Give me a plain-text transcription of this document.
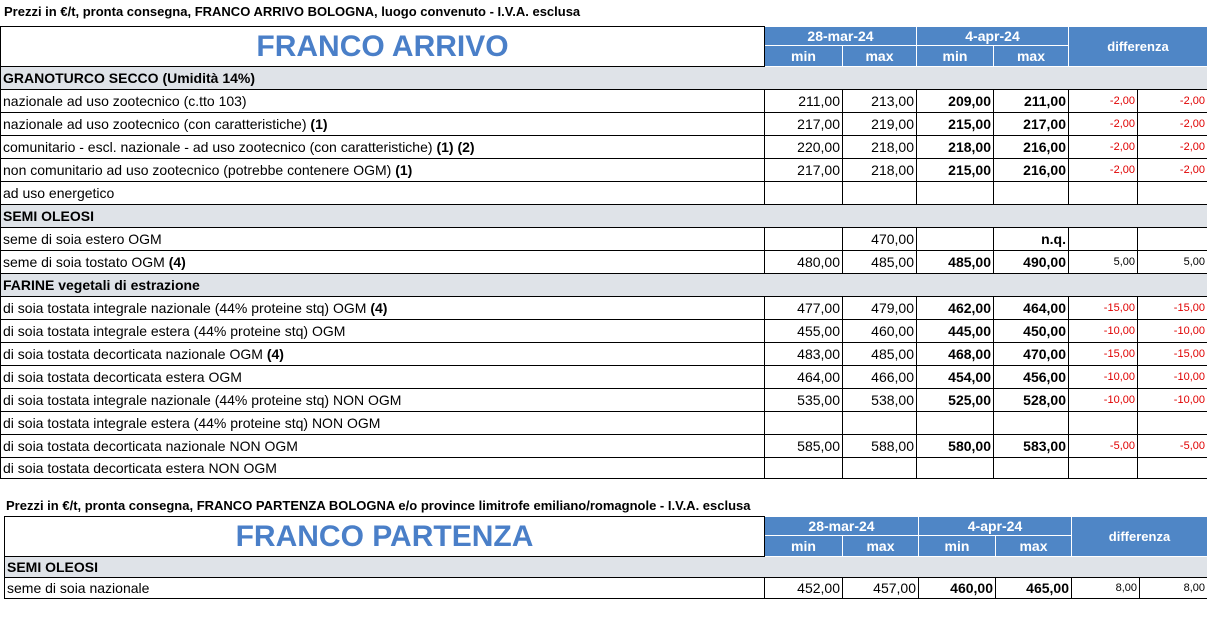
Prezzi in €/t, pronta consegna, FRANCO ARRIVO BOLOGNA, luogo convenuto - I.V.A. esclusa
FRANCO ARRIVO	28-mar-24		4-apr-24		differenza	
	min	max	min	max		
GRANOTURCO SECCO (Umidità 14%)						
nazionale ad uso zootecnico (c.tto 103)	211,00	213,00	209,00	211,00	-2,00	-2,00
nazionale ad uso zootecnico (con caratteristiche) (1)	217,00	219,00	215,00	217,00	-2,00	-2,00
comunitario - escl. nazionale - ad uso zootecnico (con caratteristiche) (1) (2)	220,00	218,00	218,00	216,00	-2,00	-2,00
non comunitario ad uso zootecnico (potrebbe contenere OGM) (1)	217,00	218,00	215,00	216,00	-2,00	-2,00
ad uso energetico						
SEMI OLEOSI						
seme di soia estero OGM		470,00		n.q.		
seme di soia tostato OGM (4)	480,00	485,00	485,00	490,00	5,00	5,00
FARINE vegetali di estrazione						
di soia tostata integrale nazionale (44% proteine stq) OGM (4)	477,00	479,00	462,00	464,00	-15,00	-15,00
di soia tostata integrale estera (44% proteine stq) OGM	455,00	460,00	445,00	450,00	-10,00	-10,00
di soia tostata decorticata nazionale OGM (4)	483,00	485,00	468,00	470,00	-15,00	-15,00
di soia tostata decorticata estera OGM	464,00	466,00	454,00	456,00	-10,00	-10,00
di soia tostata integrale nazionale (44% proteine stq) NON OGM	535,00	538,00	525,00	528,00	-10,00	-10,00
di soia tostata integrale estera (44% proteine stq) NON OGM						
di soia tostata decorticata nazionale NON OGM	585,00	588,00	580,00	583,00	-5,00	-5,00
di soia tostata decorticata estera NON OGM						
Prezzi in €/t, pronta consegna, FRANCO PARTENZA BOLOGNA e/o province limitrofe emiliano/romagnole - I.V.A. esclusa
FRANCO PARTENZA	28-mar-24		4-apr-24		differenza	
	min	max	min	max		
SEMI OLEOSI						
seme di soia nazionale	452,00	457,00	460,00	465,00	8,00	8,00
